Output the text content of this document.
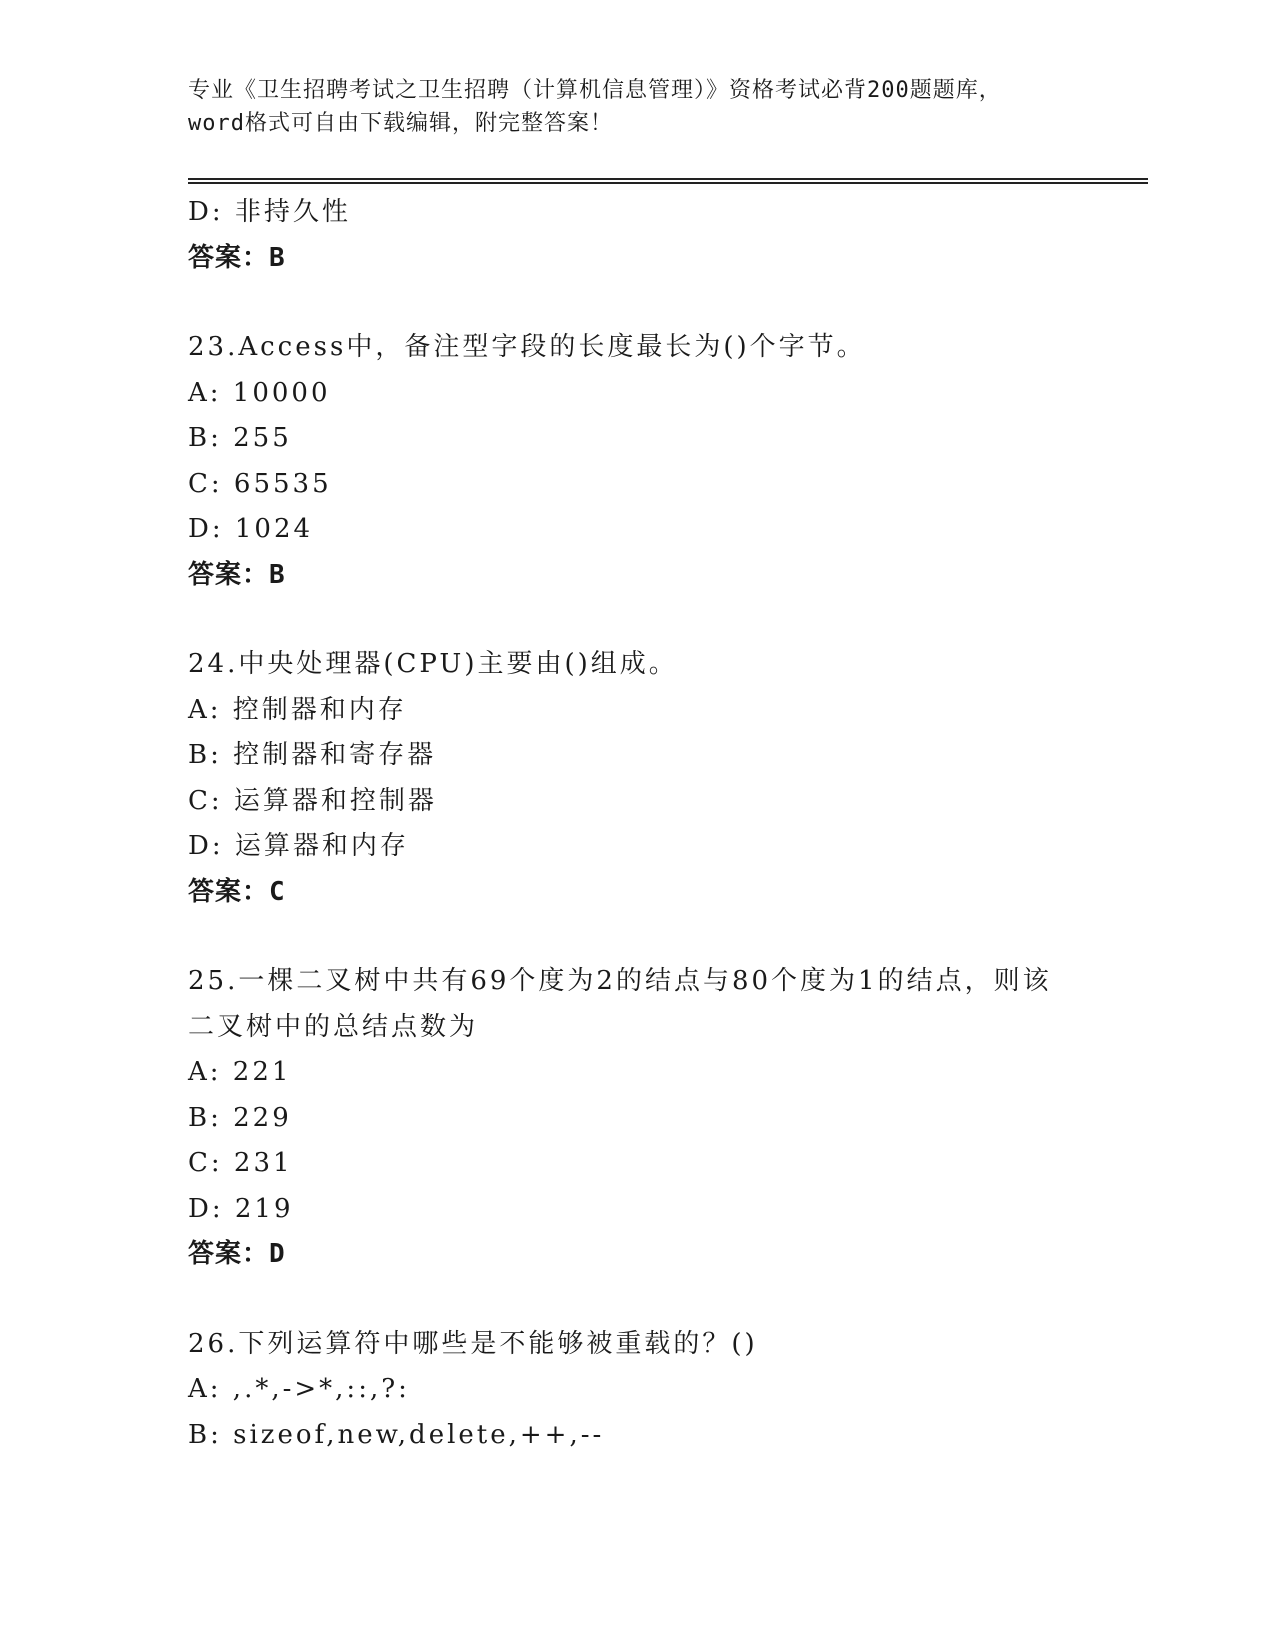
专业《卫生招聘考试之卫生招聘（计算机信息管理）》资格考试必背200题题库，
word格式可自由下载编辑，附完整答案！
D: 非持久性
答案：B
23.Access中，备注型字段的长度最长为()个字节。
A: 10000
B: 255
C: 65535
D: 1024
答案：B
24.中央处理器(CPU)主要由()组成。
A: 控制器和内存
B: 控制器和寄存器
C: 运算器和控制器
D: 运算器和内存
答案：C
25.一棵二叉树中共有69个度为2的结点与80个度为1的结点，则该
二叉树中的总结点数为
A: 221
B: 229
C: 231
D: 219
答案：D
26.下列运算符中哪些是不能够被重载的？()
A: ,.*,->*,::,?:
B: sizeof,new,delete,++,--
